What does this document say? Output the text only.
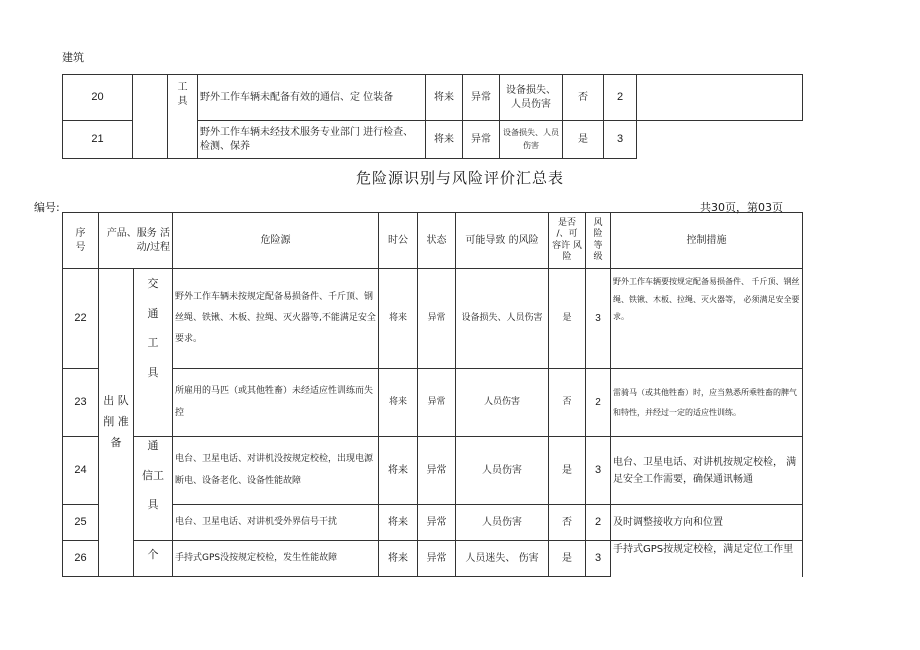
建筑
20		工
具	野外工作车辆未配备有效的通信、定 位装备	将来	异常	设备损失、人员伤害	否	2	
21			野外工作车辆未经技术服务专业部门 进行检查、检测、保养	将来	异常	设备损失、人员伤害	是	3	
危险源识别与风险评价汇总表
编号:	共30页，第03页
序
号	产品、服务 活
动/过程		危险源	时公	状态	可能导致 的风险	是否
/、可
容许 风
险	风
险
等
级	控制措施
22	出 队
削 准
备	交

通

工

具	野外工作车辆未按规定配备易损备件、千斤顶、钢丝绳、铁锹、木板、拉绳、灭火器等,不能满足安全要求。	将来	异常	设备损失、人员伤害	是	3	野外工作车辆要按规定配备易损备件、 千斤顶、钢丝绳、铁锹、木板、拉绳、灭火器等， 必须满足安全要求。
23			所雇用的马匹（或其他牲畜）未经适应性训练而失控	将来	异常	人员伤害	否	2	雷骑马（或其他牲畜）时，应当熟悉所乘牲畜的脾气和特性，并经过一定的适应性训练。
24		通

信工

具	电台、卫星电话、对讲机没按规定校检，出现电源断电、设备老化、设备性能故障	将来	异常	人员伤害	是	3	电台、卫星电话、对讲机按规定校检， 满足安全工作需要，确保通讯畅通
25			电台、卫星电话、对讲机受外界信号干扰	将来	异常	人员伤害	否	2	及时调整接收方向和位置
26		个	手持式GPS没按规定校检，发生性能故障	将来	异常	人员迷失、 伤害	是	3	手持式GPS按规定校检，满足定位工作里
